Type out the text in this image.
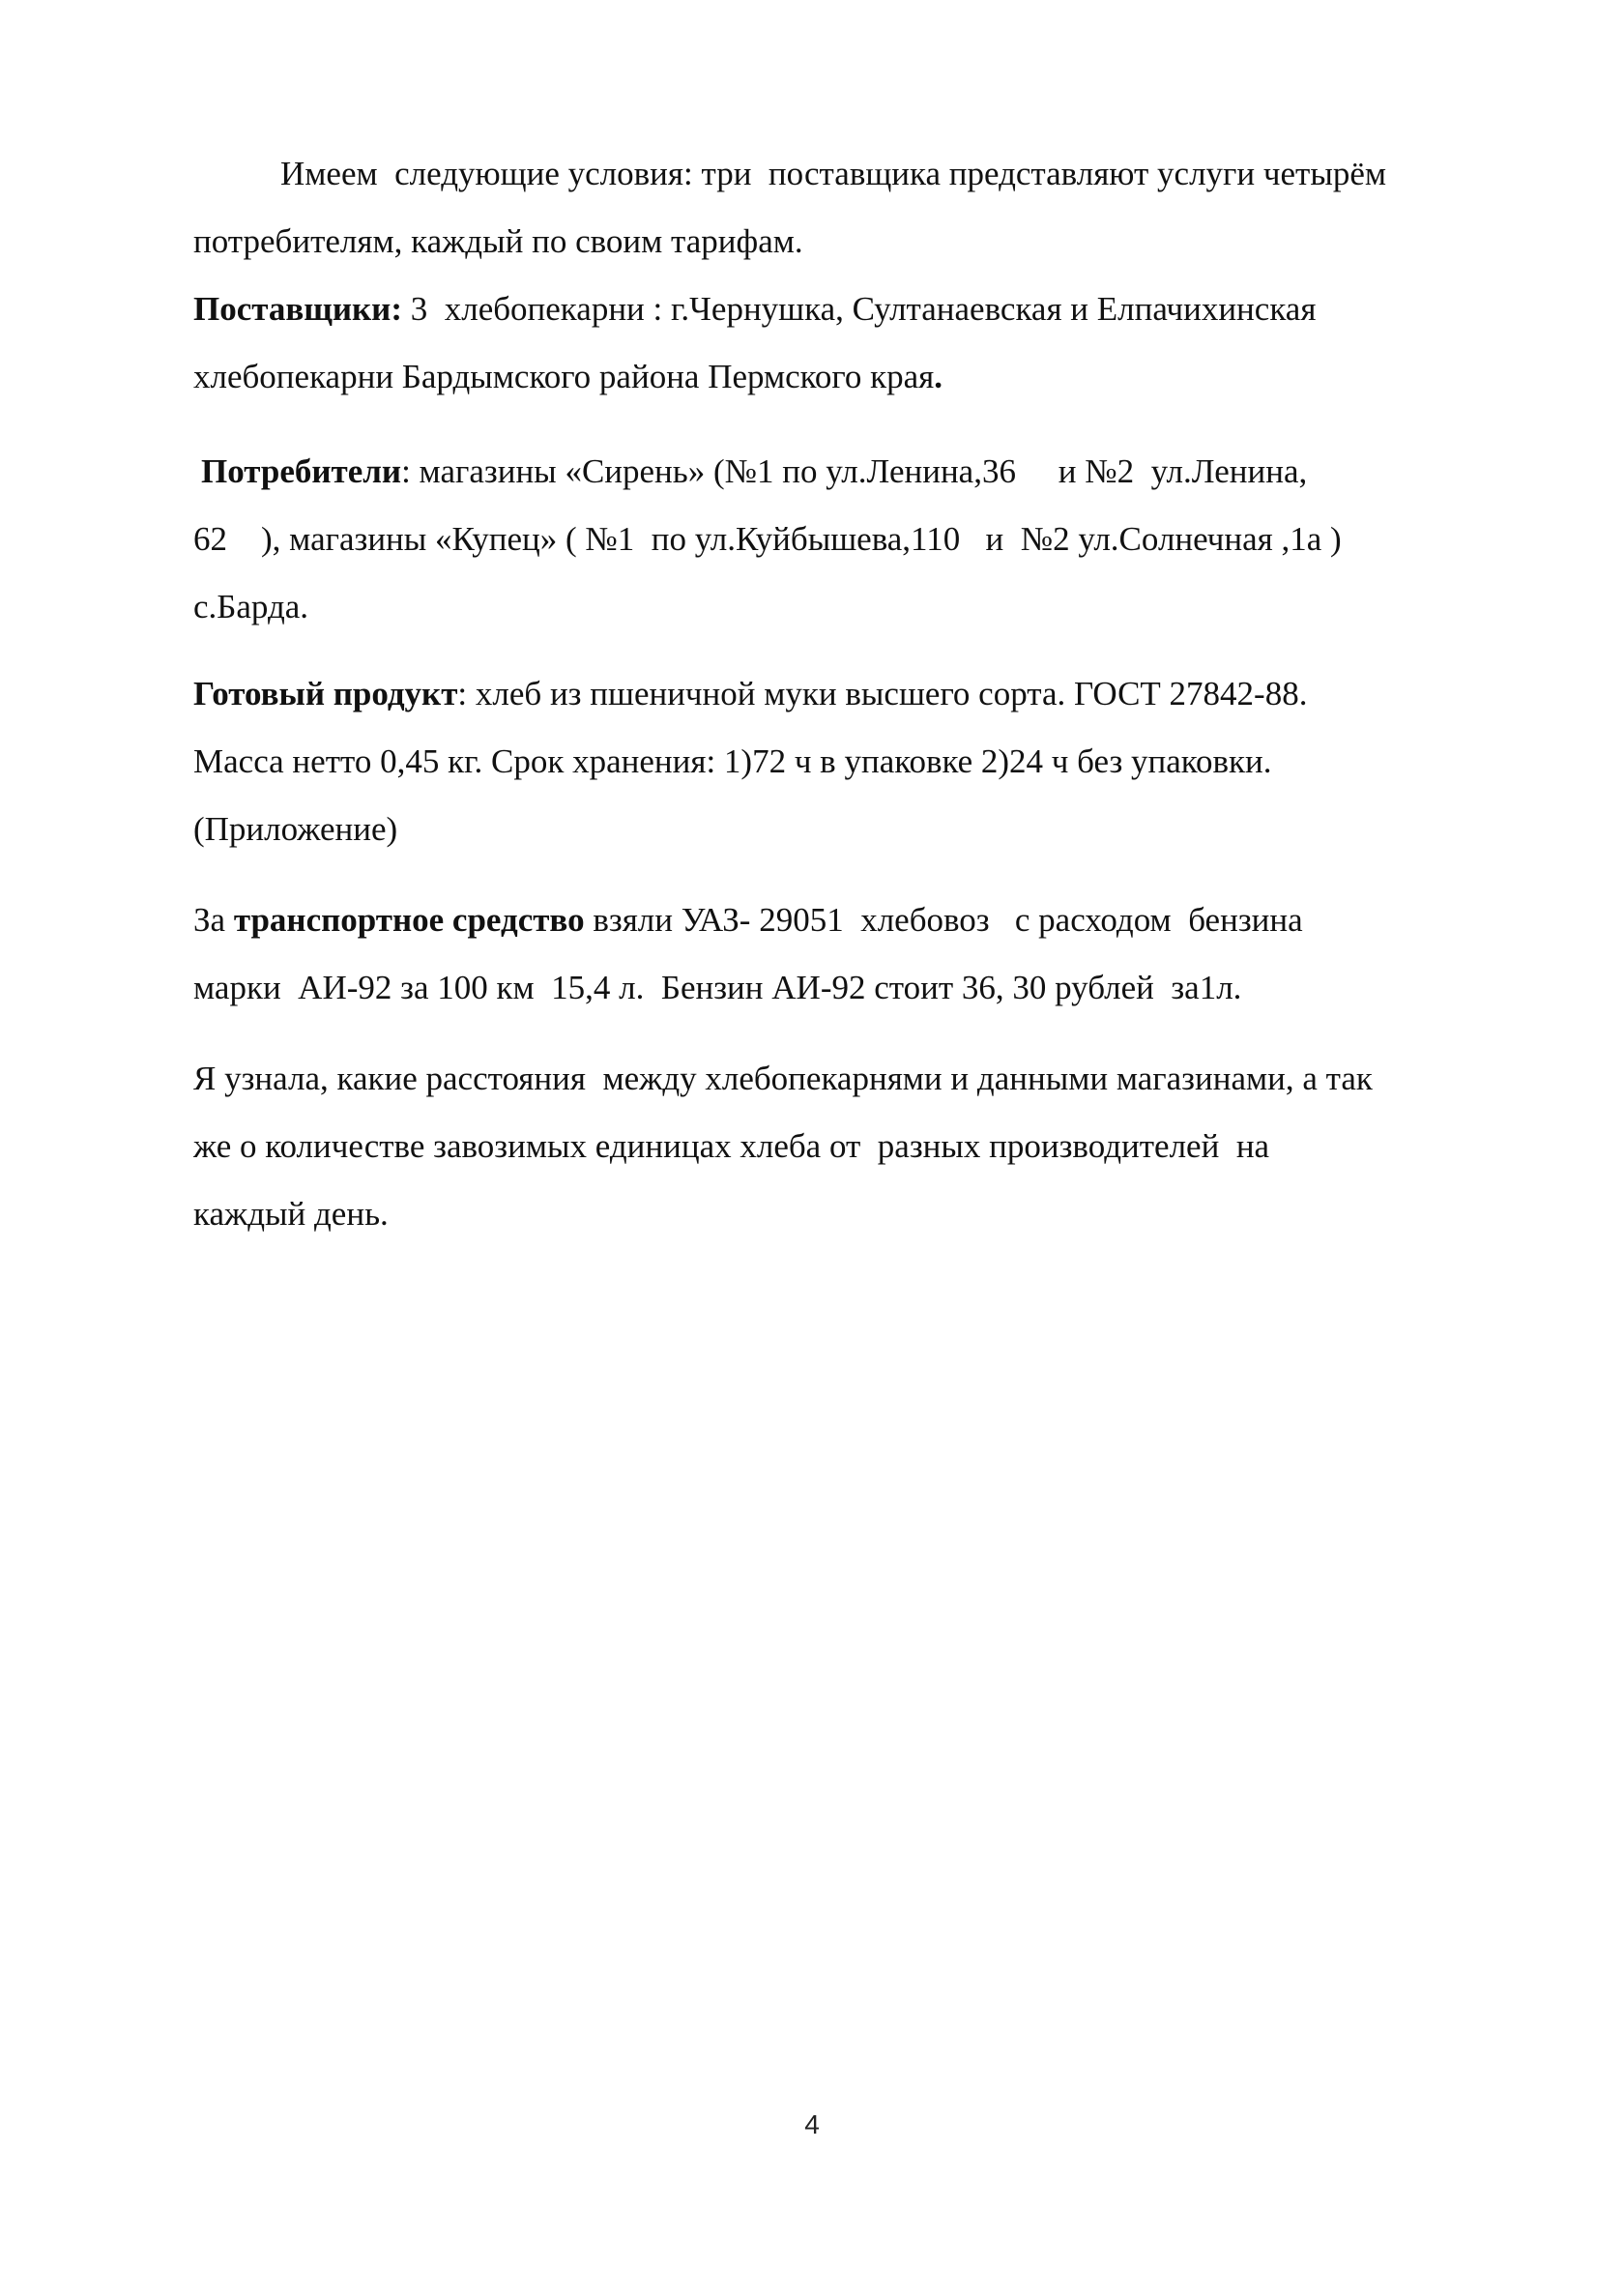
Имеем  следующие условия: три  поставщика представляют услуги четырём
потребителям, каждый по своим тарифам.
Поставщики: 3  хлебопекарни : г.Чернушка, Султанаевская и Елпачихинская
хлебопекарни Бардымского района Пермского края.
Потребители: магазины «Сирень» (№1 по ул.Ленина,36     и №2  ул.Ленина,
62    ), магазины «Купец» ( №1  по ул.Куйбышева,110   и  №2 ул.Солнечная ,1а )
с.Барда.
Готовый продукт: хлеб из пшеничной муки высшего сорта. ГОСТ 27842-88.
Масса нетто 0,45 кг. Срок хранения: 1)72 ч в упаковке 2)24 ч без упаковки.
(Приложение)
За транспортное средство взяли УАЗ- 29051  хлебовоз   с расходом  бензина
марки  АИ-92 за 100 км  15,4 л.  Бензин АИ-92 стоит 36, 30 рублей  за1л.
Я узнала, какие расстояния  между хлебопекарнями и данными магазинами, а так
же о количестве завозимых единицах хлеба от  разных производителей  на
каждый день.
4
